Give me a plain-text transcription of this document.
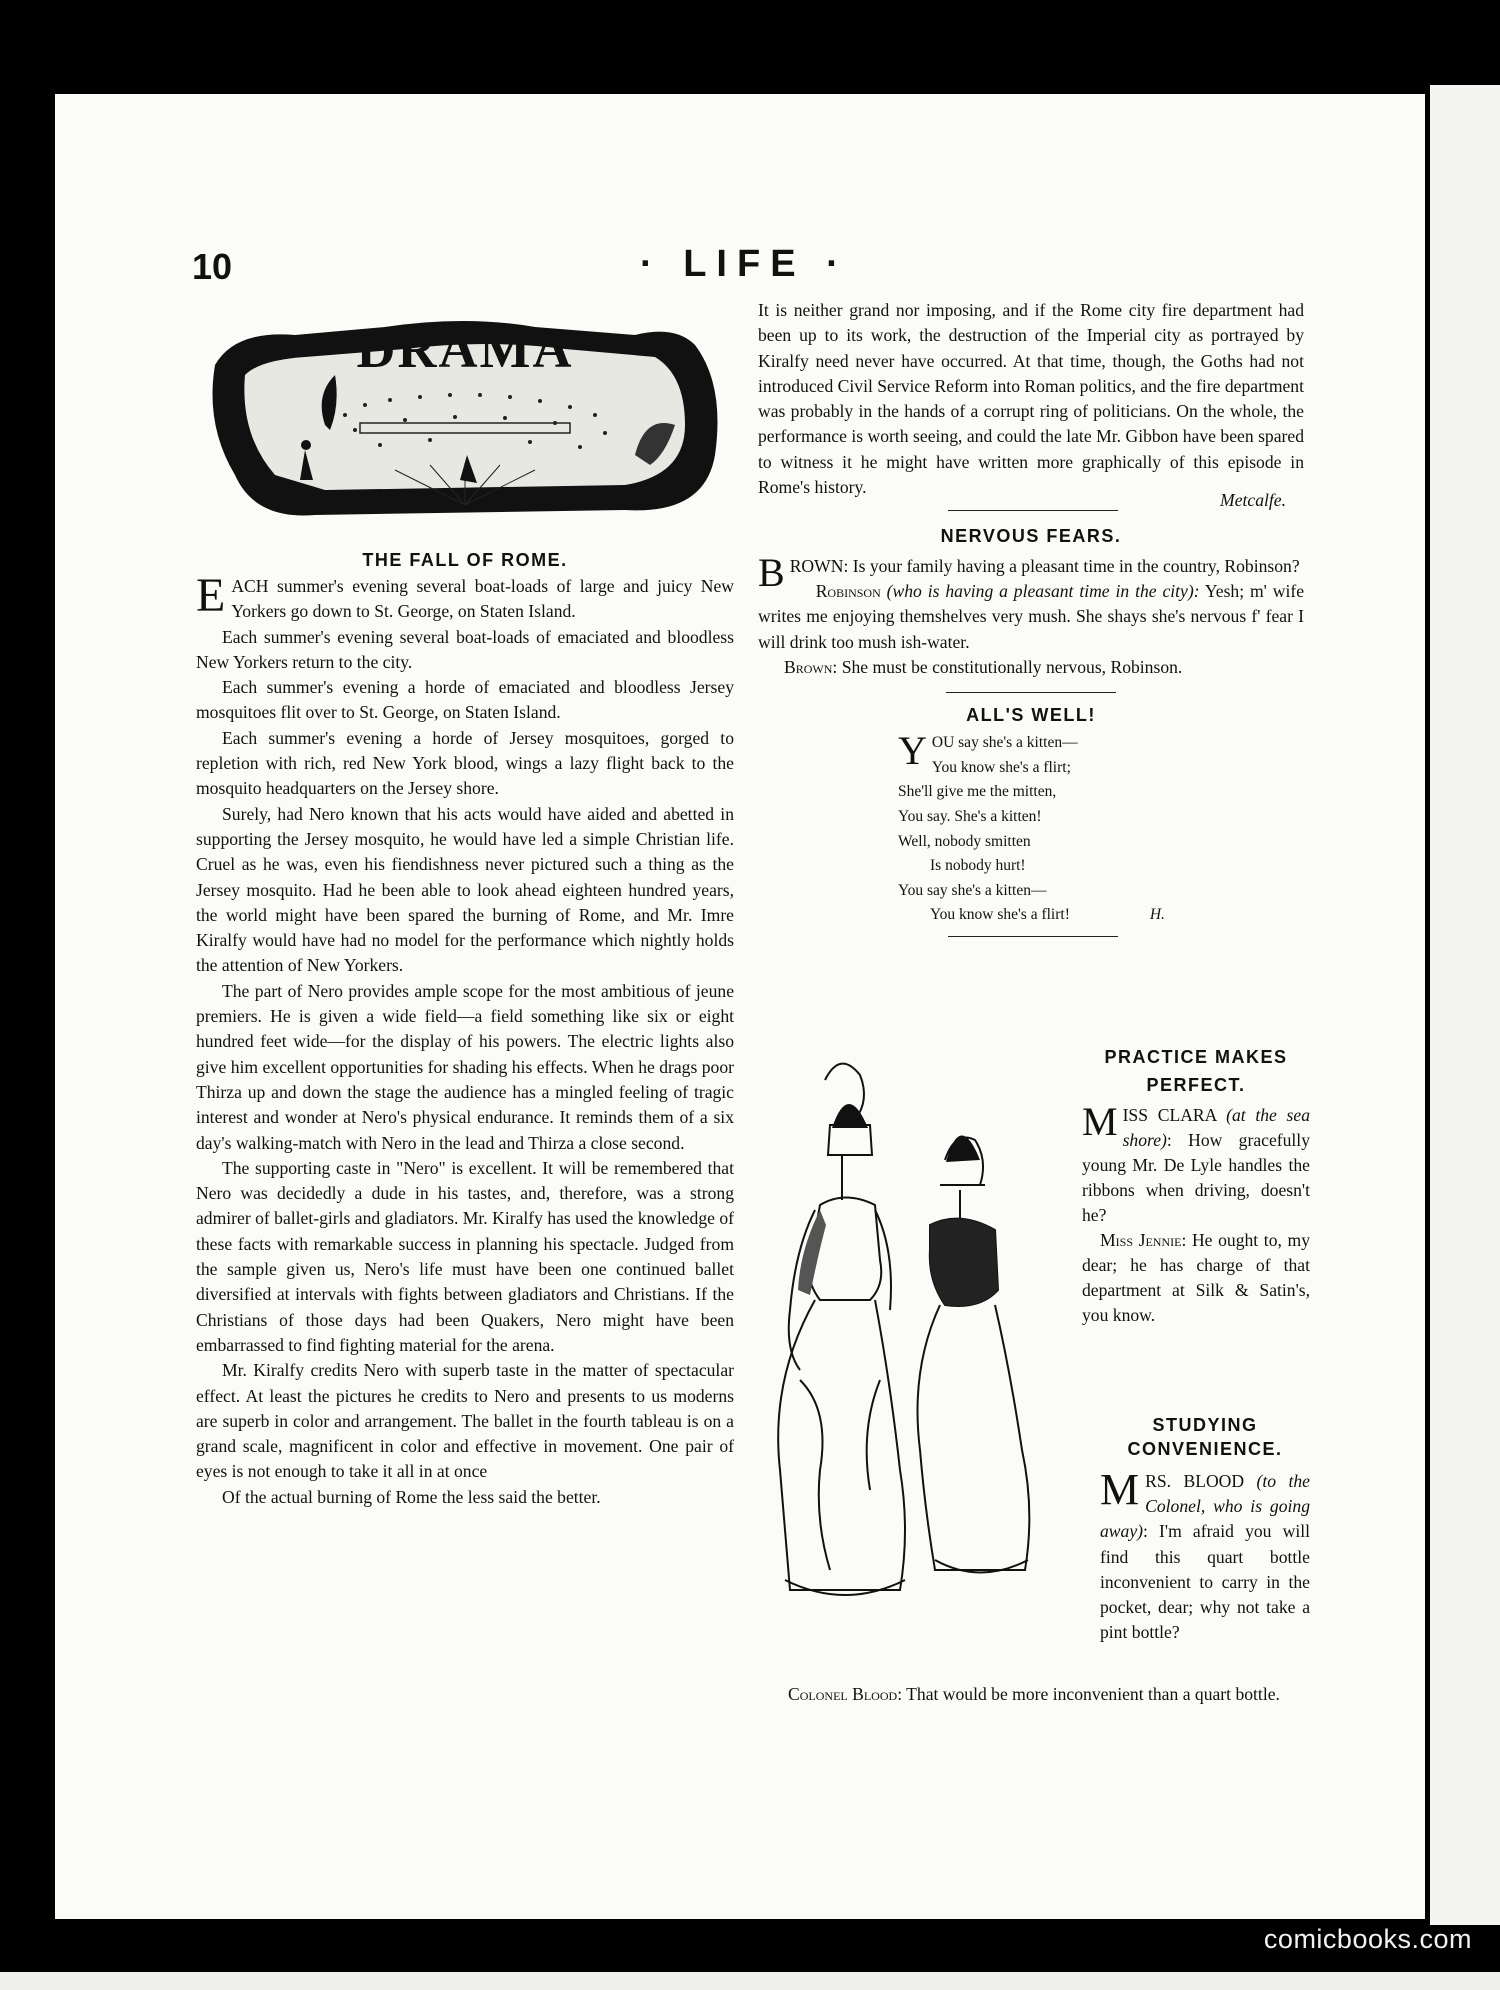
comicbooks.com
10	· LIFE ·
DRAMA
THE FALL OF ROME.

EACH summer's evening several boat-loads of large and juicy New Yorkers go down to St. George, on Staten Island.

Each summer's evening several boat-loads of emaciated and bloodless New Yorkers return to the city.

Each summer's evening a horde of emaciated and bloodless Jersey mosquitoes flit over to St. George, on Staten Island.

Each summer's evening a horde of Jersey mosquitoes, gorged to repletion with rich, red New York blood, wings a lazy flight back to the mosquito headquarters on the Jersey shore.

Surely, had Nero known that his acts would have aided and abetted in supporting the Jersey mosquito, he would have led a simple Christian life. Cruel as he was, even his fiendishness never pictured such a thing as the Jersey mosquito. Had he been able to look ahead eighteen hundred years, the world might have been spared the burning of Rome, and Mr. Imre Kiralfy would have had no model for the performance which nightly holds the attention of New Yorkers.

The part of Nero provides ample scope for the most ambitious of jeune premiers. He is given a wide field—a field something like six or eight hundred feet wide—for the display of his powers. The electric lights also give him excellent opportunities for shading his effects. When he drags poor Thirza up and down the stage the audience has a mingled feeling of tragic interest and wonder at Nero's physical endurance. It reminds them of a six day's walking-match with Nero in the lead and Thirza a close second.

The supporting caste in "Nero" is excellent. It will be remembered that Nero was decidedly a dude in his tastes, and, therefore, was a strong admirer of ballet-girls and gladiators. Mr. Kiralfy has used the knowledge of these facts with remarkable success in planning his spectacle. Judged from the sample given us, Nero's life must have been one continued ballet diversified at intervals with fights between gladiators and Christians. If the Christians of those days had been Quakers, Nero might have been embarrassed to find fighting material for the arena.

Mr. Kiralfy credits Nero with superb taste in the matter of spectacular effect. At least the pictures he credits to Nero and presents to us moderns are superb in color and arrangement. The ballet in the fourth tableau is on a grand scale, magnificent in color and effective in movement. One pair of eyes is not enough to take it all in at once

Of the actual burning of Rome the less said the better.

It is neither grand nor imposing, and if the Rome city fire department had been up to its work, the destruction of the Imperial city as portrayed by Kiralfy need never have occurred. At that time, though, the Goths had not introduced Civil Service Reform into Roman politics, and the fire department was probably in the hands of a corrupt ring of politicians. On the whole, the performance is worth seeing, and could the late Mr. Gibbon have been spared to witness it he might have written more graphically of this episode in Rome's history.

Metcalfe.
NERVOUS FEARS.

BROWN: Is your family having a pleasant time in the country, Robinson?

Robinson (who is having a pleasant time in the city): Yesh; m' wife writes me enjoying themshelves very mush. She shays she's nervous f' fear I will drink too mush ish-water.

Brown: She must be constitutionally nervous, Robinson.

ALL'S WELL!
YOU say she's a kitten—
You know she's a flirt;
She'll give me the mitten,
You say. She's a kitten!
Well, nobody smitten
Is nobody hurt!
You say she's a kitten—
You know she's a flirt!	H.
PRACTICE MAKES
PERFECT.

MISS CLARA (at the sea shore): How gracefully young Mr. De Lyle handles the ribbons when driving, doesn't he?

Miss Jennie: He ought to, my dear; he has charge of that department at Silk & Satin's, you know.

STUDYING
CONVENIENCE.

MRS. BLOOD (to the Colonel, who is going away): I'm afraid you will find this quart bottle inconvenient to carry in the pocket, dear; why not take a pint bottle?

Colonel Blood: That would be more inconvenient than a quart bottle.
